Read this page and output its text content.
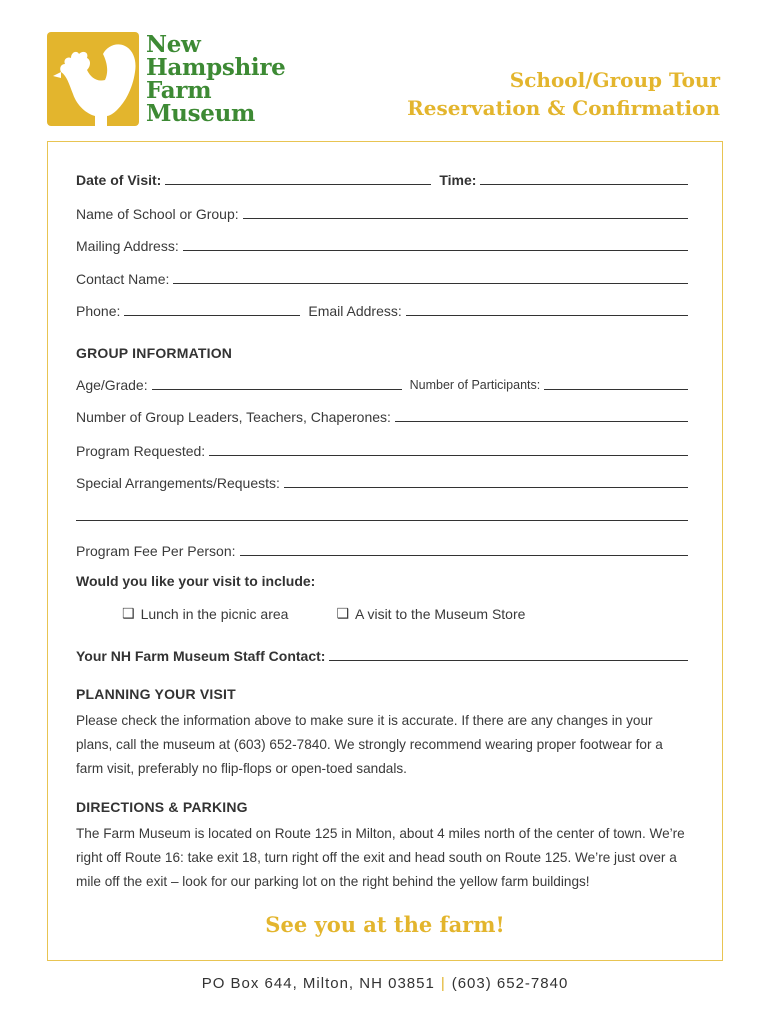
New
Hampshire
Farm
Museum
School/Group Tour
Reservation & Confirmation
Date of Visit:	Time:
Name of School or Group:
Mailing Address:
Contact Name:
Phone:	Email Address:
GROUP INFORMATION
Age/Grade:	Number of Participants:
Number of Group Leaders, Teachers, Chaperones:
Program Requested:
Special Arrangements/Requests:
Program Fee Per Person:
Would you like your visit to include:
❑ Lunch in the picnic area	❑ A visit to the Museum Store
Your NH Farm Museum Staff Contact:
PLANNING YOUR VISIT
Please check the information above to make sure it is accurate. If there are any changes in your plans, call the museum at (603) 652-7840. We strongly recommend wearing proper footwear for a farm visit, preferably no flip-flops or open-toed sandals.
DIRECTIONS & PARKING
The Farm Museum is located on Route 125 in Milton, about 4 miles north of the center of town. We’re right off Route 16: take exit 18, turn right off the exit and head south on Route 125. We’re just over a mile off the exit – look for our parking lot on the right behind the yellow farm buildings!
See you at the farm!
PO Box 644, Milton, NH 03851 | (603) 652-7840
